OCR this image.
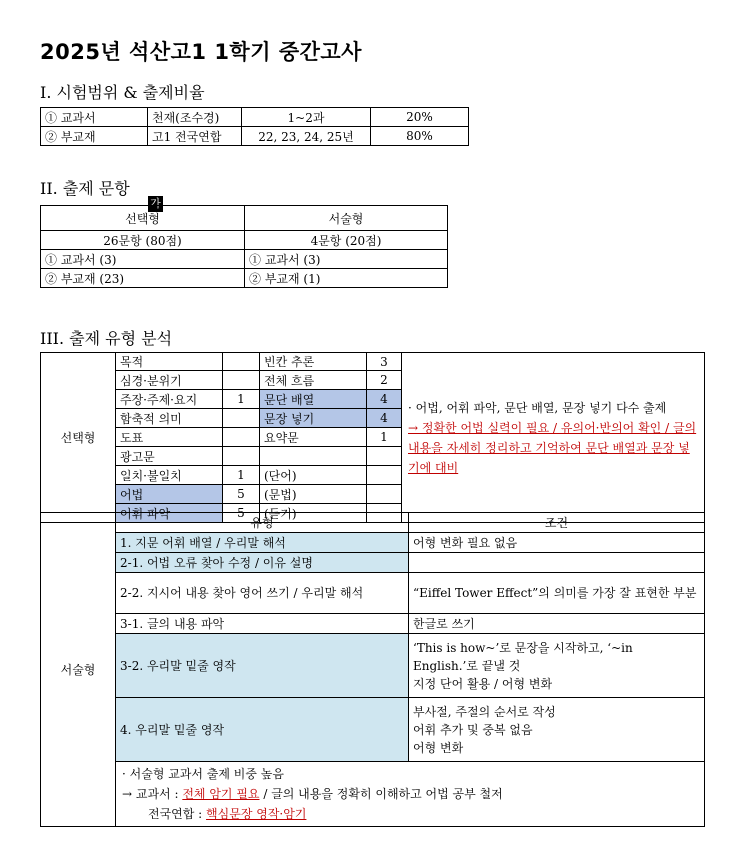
2025년 석산고1 1학기 중간고사
I. 시험범위 & 출제비율
① 교과서	천재(조수경)	1~2과	20%
② 부교재	고1 전국연합	22, 23, 24, 25년	80%
II. 출제 문항
가
선택형	서술형
26문항 (80점)	4문항 (20점)
① 교과서 (3)	① 교과서 (3)
② 부교재 (23)	② 부교재 (1)
III. 출제 유형 분석
선택형	목적		빈칸 추론	3	· 어법, 어휘 파악, 문단 배열, 문장 넣기 다수 출제
→ 정확한 어법 실력이 필요 / 유의어·반의어 확인 / 글의 내용을 자세히 정리하고 기억하여 문단 배열과 문장 넣기에 대비

	심경·분위기		전체 흐름	2	
	주장·주제·요지	1	문단 배열	4	
	함축적 의미		문장 넣기	4	
	도표		요약문	1	
	광고문				
	일치·불일치	1	(단어)		
	어법	5	(문법)		
	어휘 파악	5	(듣기)		
서술형	유형	조건
	1. 지문 어휘 배열 / 우리말 해석	어형 변화 필요 없음
	2-1. 어법 오류 찾아 수정 / 이유 설명	
	2-2. 지시어 내용 찾아 영어 쓰기 / 우리말 해석	“Eiffel Tower Effect”의 의미를 가장 잘 표현한 부분
	3-1. 글의 내용 파악	한글로 쓰기
	3-2. 우리말 밑줄 영작	‘This is how~’로 문장을 시작하고, ‘~in English.’로 끝낼 것
지정 단어 활용 / 어형 변화

	4. 우리말 밑줄 영작	부사절, 주절의 순서로 작성
어휘 추가 및 중복 없음
어형 변화

	· 서술형 교과서 출제 비중 높음
→ 교과서 : 전체 암기 필요 / 글의 내용을 정확히 이해하고 어법 공부 철저
전국연합 : 핵심문장 영작·암기	
